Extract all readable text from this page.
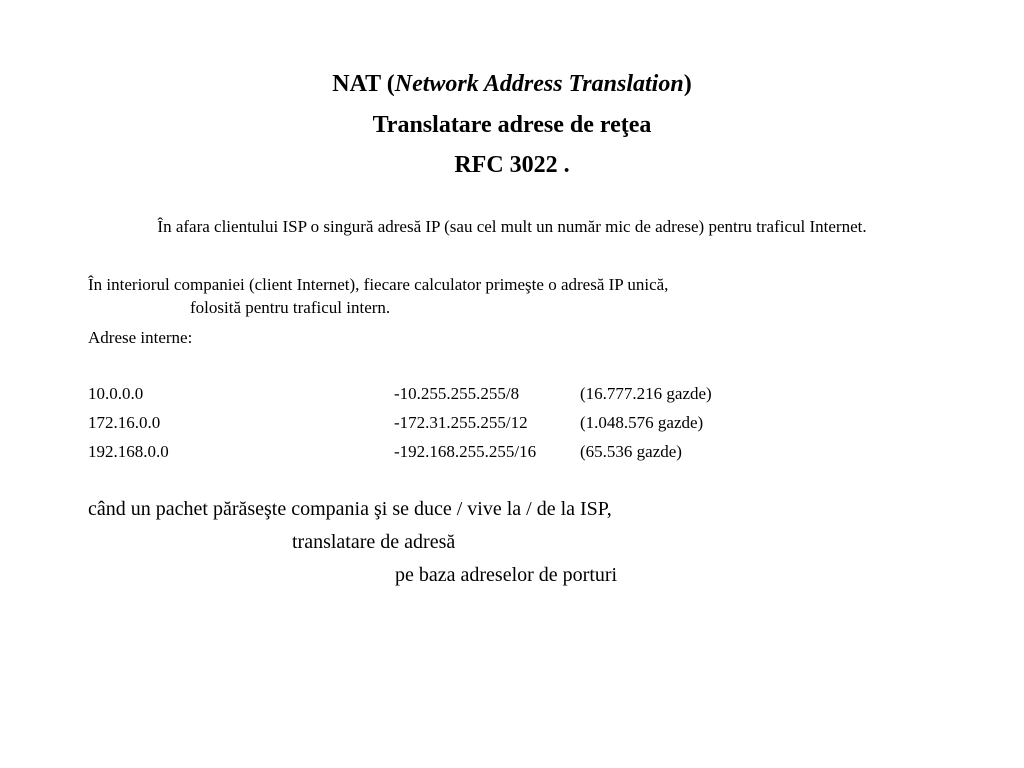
NAT (Network Address Translation)
Translatare adrese de reţea
RFC 3022 .
În afara clientului ISP o singură adresă IP (sau cel mult un număr mic de adrese) pentru traficul Internet.
În interiorul companiei (client Internet), fiecare calculator primeşte o adresă IP unică,
folosită pentru traficul intern.
Adrese interne:
10.0.0.0	-10.255.255.255/8	(16.777.216 gazde)
172.16.0.0	-172.31.255.255/12	(1.048.576 gazde)
192.168.0.0	-192.168.255.255/16	(65.536 gazde)
când un pachet părăseşte compania şi se duce / vive la / de la ISP,
translatare de adresă
pe baza adreselor de porturi
